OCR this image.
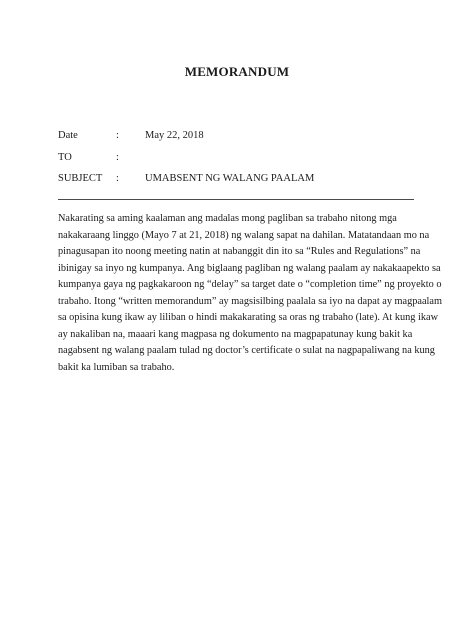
MEMORANDUM
Date	: May 22, 2018
TO	:
SUBJECT : UMABSENT NG WALANG PAALAM
Nakarating sa aming kaalaman ang madalas mong pagliban sa trabaho nitong mga
nakakaraang linggo (Mayo 7 at 21, 2018) ng walang sapat na dahilan. Matatandaan mo na
pinagusapan ito noong meeting natin at nabanggit din ito sa “Rules and Regulations” na
ibinigay sa inyo ng kumpanya. Ang biglaang pagliban ng walang paalam ay nakakaapekto sa
kumpanya gaya ng pagkakaroon ng “delay” sa target date o “completion time” ng proyekto o
trabaho. Itong “written memorandum” ay magsisilbing paalala sa iyo na dapat ay magpaalam
sa opisina kung ikaw ay liliban o hindi makakarating sa oras ng trabaho (late). At kung ikaw
ay nakaliban na, maaari kang magpasa ng dokumento na magpapatunay kung bakit ka
nagabsent ng walang paalam tulad ng doctor’s certificate o sulat na nagpapaliwang na kung
bakit ka lumiban sa trabaho.
